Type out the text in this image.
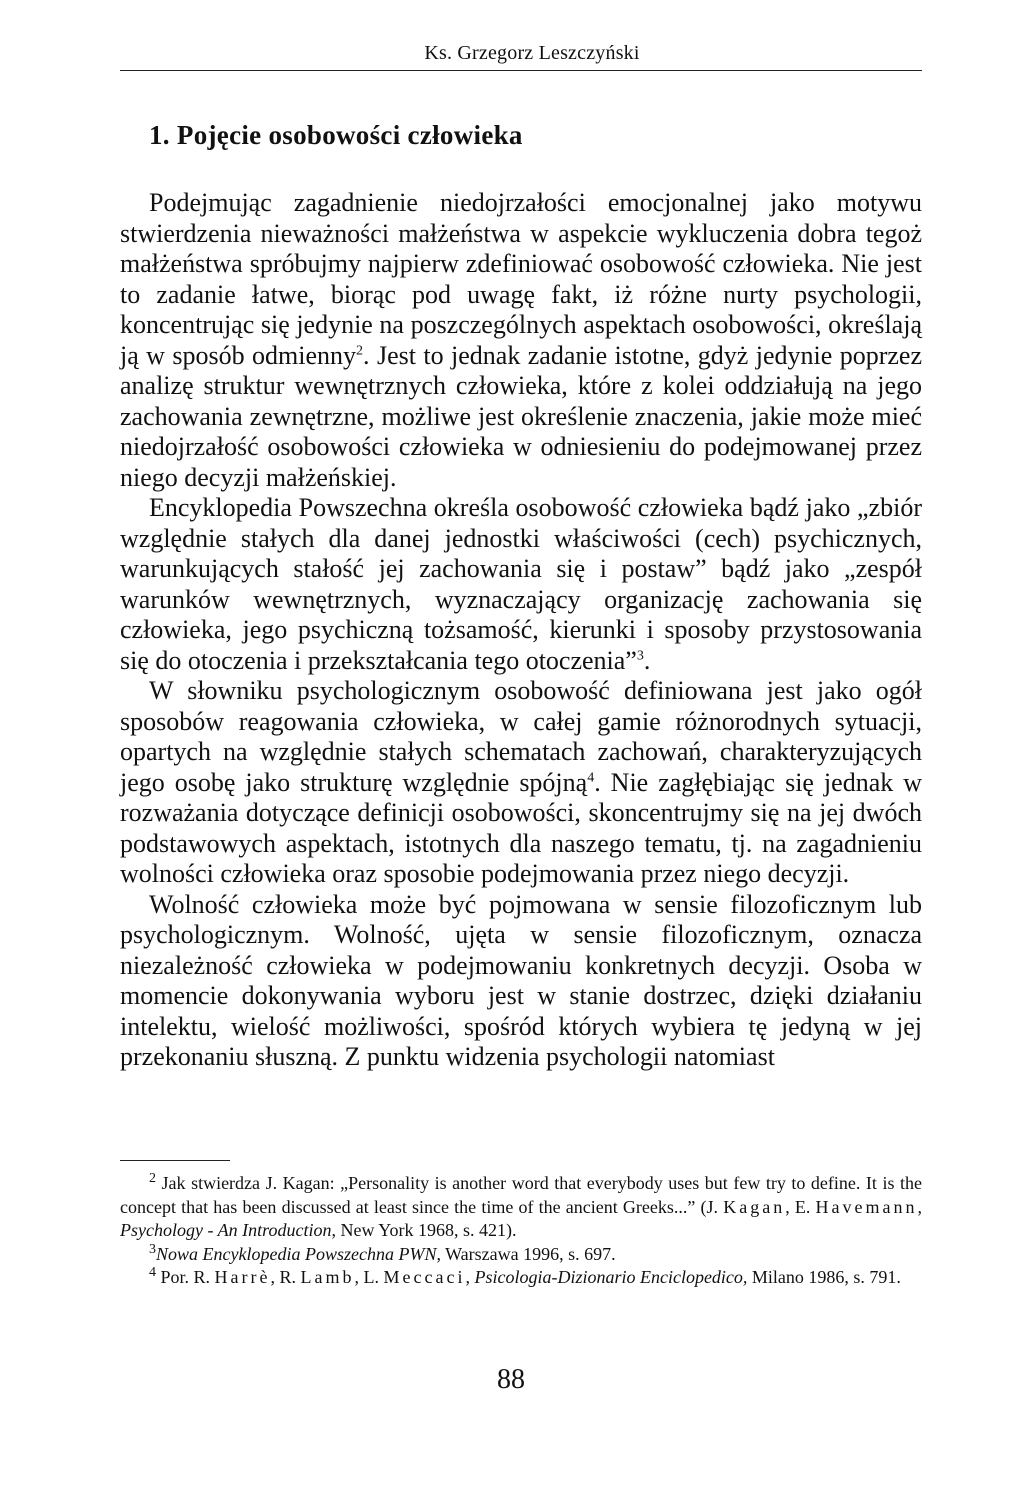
Ks. Grzegorz Leszczyński
1. Pojęcie osobowości człowieka

Podejmując zagadnienie niedojrzałości emocjonalnej jako motywu stwierdzenia nieważności małżeństwa w aspekcie wykluczenia dobra tegoż małżeństwa spróbujmy najpierw zdefiniować osobowość człowieka. Nie jest to zadanie łatwe, biorąc pod uwagę fakt, iż różne nurty psychologii, koncentrując się jedynie na poszczególnych aspektach osobowości, określają ją w sposób odmienny$^2$. Jest to jednak zadanie istotne, gdyż jedynie poprzez analizę struktur wewnętrznych człowieka, które z kolei oddziałują na jego zachowania zewnętrzne, możliwe jest określenie znaczenia, jakie może mieć niedojrzałość osobowości człowieka w odniesieniu do podejmowanej przez niego decyzji małżeńskiej.

Encyklopedia Powszechna określa osobowość człowieka bądź jako „zbiór względnie stałych dla danej jednostki właściwości (cech) psychicznych, warunkujących stałość jej zachowania się i postaw” bądź jako „zespół warunków wewnętrznych, wyznaczający organizację zachowania się człowieka, jego psychiczną tożsamość, kierunki i sposoby przystosowania się do otoczenia i przekształcania tego otoczenia”$^3$.

W słowniku psychologicznym osobowość definiowana jest jako ogół sposobów reagowania człowieka, w całej gamie różnorodnych sytuacji, opartych na względnie stałych schematach zachowań, charakteryzujących jego osobę jako strukturę względnie spójną$^4$. Nie zagłębiając się jednak w rozważania dotyczące definicji osobowości, skoncentrujmy się na jej dwóch podstawowych aspektach, istotnych dla naszego tematu, tj. na zagadnieniu wolności człowieka oraz sposobie podejmowania przez niego decyzji.

Wolność człowieka może być pojmowana w sensie filozoficznym lub psychologicznym. Wolność, ujęta w sensie filozoficznym, oznacza niezależność człowieka w podejmowaniu konkretnych decyzji. Osoba w momencie dokonywania wyboru jest w stanie dostrzec, dzięki działaniu intelektu, wielość możliwości, spośród których wybiera tę jedyną w jej przekonaniu słuszną. Z punktu widzenia psychologii natomiast

$^2$ Jak stwierdza J. Kagan: „Personality is another word that everybody uses but few try to define. It is the concept that has been discussed at least since the time of the ancient Greeks...” (J. Kagan, E. Havemann, Psychology - An Introduction, New York 1968, s. 421).

$^3$Nowa Encyklopedia Powszechna PWN, Warszawa 1996, s. 697.

$^4$ Por. R. Harrè, R. Lamb, L. Meccaci, Psicologia-Dizionario Enciclopedico, Milano 1986, s. 791.

88
